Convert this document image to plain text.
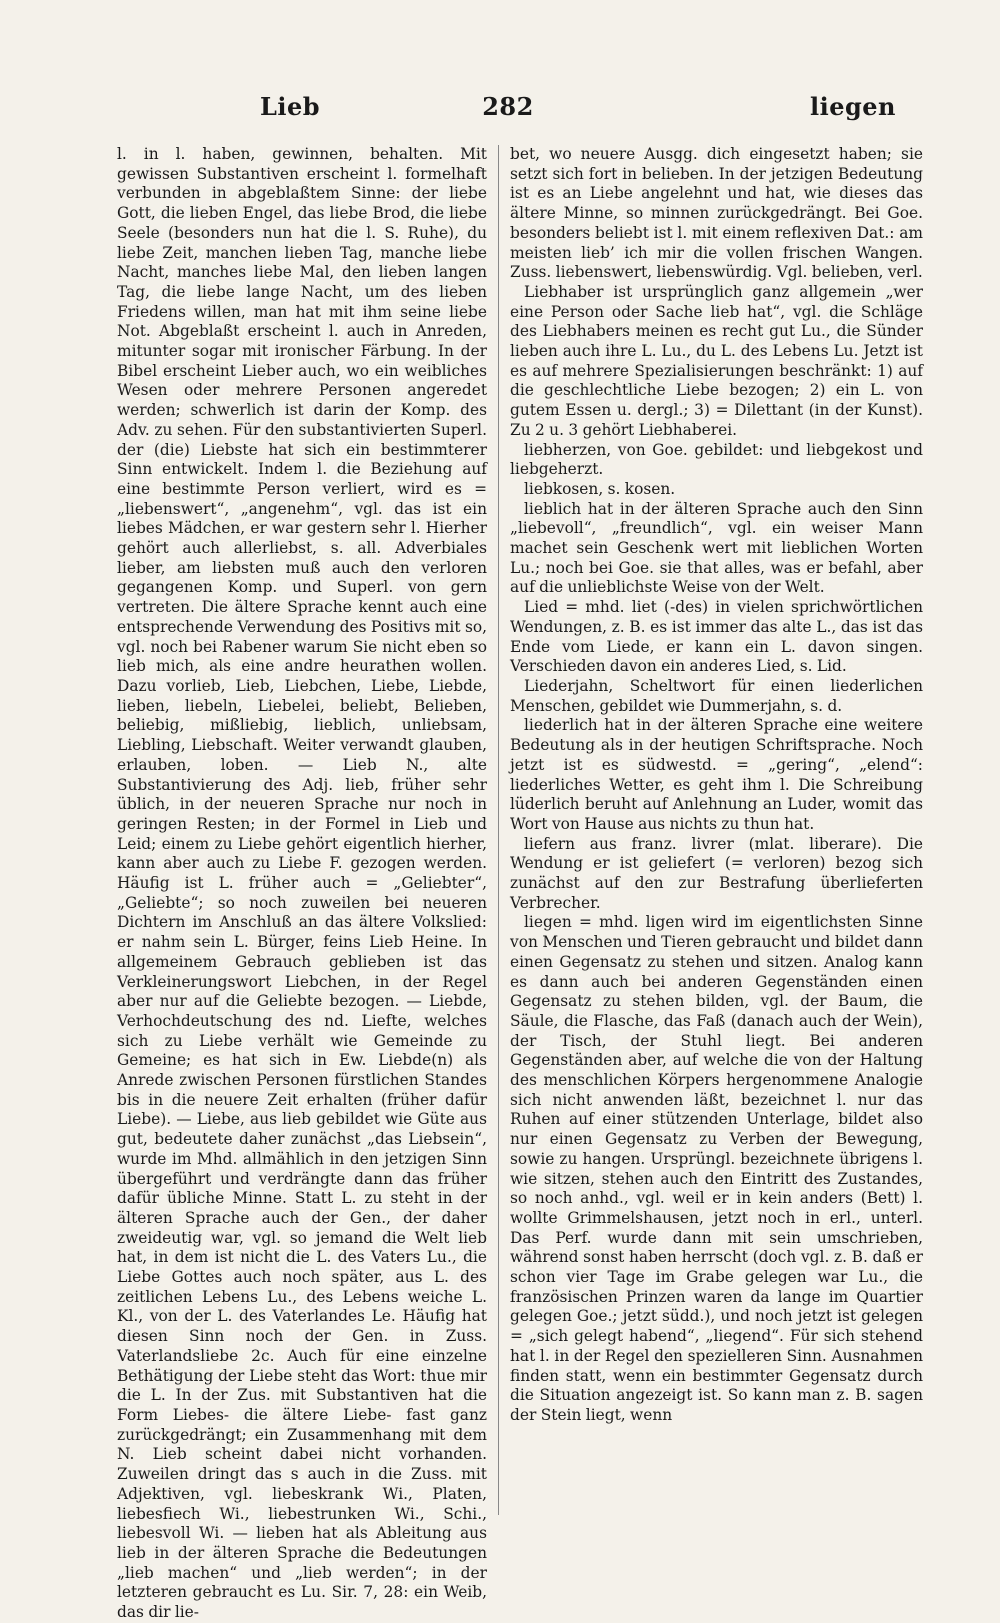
Lieb	282	liegen

l. in l. haben, gewinnen, behalten. Mit gewissen Substantiven erscheint l. formelhaft verbunden in abgeblaßtem Sinne: der liebe Gott, die lieben Engel, das liebe Brod, die liebe Seele (besonders nun hat die l. S. Ruhe), du liebe Zeit, manchen lieben Tag, manche liebe Nacht, manches liebe Mal, den lieben langen Tag, die liebe lange Nacht, um des lieben Friedens willen, man hat mit ihm seine liebe Not. Abgeblaßt erscheint l. auch in Anreden, mitunter sogar mit ironischer Färbung. In der Bibel erscheint Lieber auch, wo ein weibliches Wesen oder mehrere Personen angeredet werden; schwerlich ist darin der Komp. des Adv. zu sehen. Für den substantivierten Superl. der (die) Liebste hat sich ein bestimmterer Sinn entwickelt. Indem l. die Beziehung auf eine bestimmte Person verliert, wird es = „liebenswert“, „angenehm“, vgl. das ist ein liebes Mädchen, er war gestern sehr l. Hierher gehört auch allerliebst, s. all. Adverbiales lieber, am liebsten muß auch den verloren gegangenen Komp. und Superl. von gern vertreten. Die ältere Sprache kennt auch eine entsprechende Verwendung des Positivs mit so, vgl. noch bei Rabener warum Sie nicht eben so lieb mich, als eine andre heurathen wollen. Dazu vorlieb, Lieb, Liebchen, Liebe, Liebde, lieben, liebeln, Liebelei, beliebt, Belieben, beliebig, mißliebig, lieblich, unliebsam, Liebling, Liebschaft. Weiter verwandt glauben, erlauben, loben. — Lieb N., alte Substantivierung des Adj. lieb, früher sehr üblich, in der neueren Sprache nur noch in geringen Resten; in der Formel in Lieb und Leid; einem zu Liebe gehört eigentlich hierher, kann aber auch zu Liebe F. gezogen werden. Häufig ist L. früher auch = „Geliebter“, „Geliebte“; so noch zuweilen bei neueren Dichtern im Anschluß an das ältere Volkslied: er nahm sein L. Bürger, feins Lieb Heine. In allgemeinem Gebrauch geblieben ist das Verkleinerungswort Liebchen, in der Regel aber nur auf die Geliebte bezogen. — Liebde, Verhochdeutschung des nd. Liefte, welches sich zu Liebe verhält wie Gemeinde zu Gemeine; es hat sich in Ew. Liebde(n) als Anrede zwischen Personen fürstlichen Standes bis in die neuere Zeit erhalten (früher dafür Liebe). — Liebe, aus lieb gebildet wie Güte aus gut, bedeutete daher zunächst „das Liebsein“, wurde im Mhd. allmählich in den jetzigen Sinn übergeführt und verdrängte dann das früher dafür übliche Minne. Statt L. zu steht in der älteren Sprache auch der Gen., der daher zweideutig war, vgl. so jemand die Welt lieb hat, in dem ist nicht die L. des Vaters Lu., die Liebe Gottes auch noch später, aus L. des zeitlichen Lebens Lu., des Lebens weiche L. Kl., von der L. des Vaterlandes Le. Häufig hat diesen Sinn noch der Gen. in Zuss. Vaterlandsliebe 2c. Auch für eine einzelne Bethätigung der Liebe steht das Wort: thue mir die L. In der Zus. mit Substantiven hat die Form Liebes- die ältere Liebe- fast ganz zurückgedrängt; ein Zusammenhang mit dem N. Lieb scheint dabei nicht vorhanden. Zuweilen dringt das s auch in die Zuss. mit Adjektiven, vgl. liebeskrank Wi., Platen, liebesfiech Wi., liebestrunken Wi., Schi., liebesvoll Wi. — lieben hat als Ableitung aus lieb in der älteren Sprache die Bedeutungen „lieb machen“ und „lieb werden“; in der letzteren gebraucht es Lu. Sir. 7, 28: ein Weib, das dir lie-

bet, wo neuere Ausgg. dich eingesetzt haben; sie setzt sich fort in belieben. In der jetzigen Bedeutung ist es an Liebe angelehnt und hat, wie dieses das ältere Minne, so minnen zurückgedrängt. Bei Goe. besonders beliebt ist l. mit einem reflexiven Dat.: am meisten lieb’ ich mir die vollen frischen Wangen. Zuss. liebenswert, liebenswürdig. Vgl. belieben, verl.

Liebhaber ist ursprünglich ganz allgemein „wer eine Person oder Sache lieb hat“, vgl. die Schläge des Liebhabers meinen es recht gut Lu., die Sünder lieben auch ihre L. Lu., du L. des Lebens Lu. Jetzt ist es auf mehrere Spezialisierungen beschränkt: 1) auf die geschlechtliche Liebe bezogen; 2) ein L. von gutem Essen u. dergl.; 3) = Dilettant (in der Kunst). Zu 2 u. 3 gehört Liebhaberei.

liebherzen, von Goe. gebildet: und liebgekost und liebgeherzt.

liebkosen, s. kosen.

lieblich hat in der älteren Sprache auch den Sinn „liebevoll“, „freundlich“, vgl. ein weiser Mann machet sein Geschenk wert mit lieblichen Worten Lu.; noch bei Goe. sie that alles, was er befahl, aber auf die unlieblichste Weise von der Welt.

Lied = mhd. liet (-des) in vielen sprichwörtlichen Wendungen, z. B. es ist immer das alte L., das ist das Ende vom Liede, er kann ein L. davon singen. Verschieden davon ein anderes Lied, s. Lid.

Liederjahn, Scheltwort für einen liederlichen Menschen, gebildet wie Dummerjahn, s. d.

liederlich hat in der älteren Sprache eine weitere Bedeutung als in der heutigen Schriftsprache. Noch jetzt ist es südwestd. = „gering“, „elend“: liederliches Wetter, es geht ihm l. Die Schreibung lüderlich beruht auf Anlehnung an Luder, womit das Wort von Hause aus nichts zu thun hat.

liefern aus franz. livrer (mlat. liberare). Die Wendung er ist geliefert (= verloren) bezog sich zunächst auf den zur Bestrafung überlieferten Verbrecher.

liegen = mhd. ligen wird im eigentlichsten Sinne von Menschen und Tieren gebraucht und bildet dann einen Gegensatz zu stehen und sitzen. Analog kann es dann auch bei anderen Gegenständen einen Gegensatz zu stehen bilden, vgl. der Baum, die Säule, die Flasche, das Faß (danach auch der Wein), der Tisch, der Stuhl liegt. Bei anderen Gegenständen aber, auf welche die von der Haltung des menschlichen Körpers hergenommene Analogie sich nicht anwenden läßt, bezeichnet l. nur das Ruhen auf einer stützenden Unterlage, bildet also nur einen Gegensatz zu Verben der Bewegung, sowie zu hangen. Ursprüngl. bezeichnete übrigens l. wie sitzen, stehen auch den Eintritt des Zustandes, so noch anhd., vgl. weil er in kein anders (Bett) l. wollte Grimmelshausen, jetzt noch in erl., unterl. Das Perf. wurde dann mit sein umschrieben, während sonst haben herrscht (doch vgl. z. B. daß er schon vier Tage im Grabe gelegen war Lu., die französischen Prinzen waren da lange im Quartier gelegen Goe.; jetzt südd.), und noch jetzt ist gelegen = „sich gelegt habend“, „liegend“. Für sich stehend hat l. in der Regel den spezielleren Sinn. Ausnahmen finden statt, wenn ein bestimmter Gegensatz durch die Situation angezeigt ist. So kann man z. B. sagen der Stein liegt, wenn
